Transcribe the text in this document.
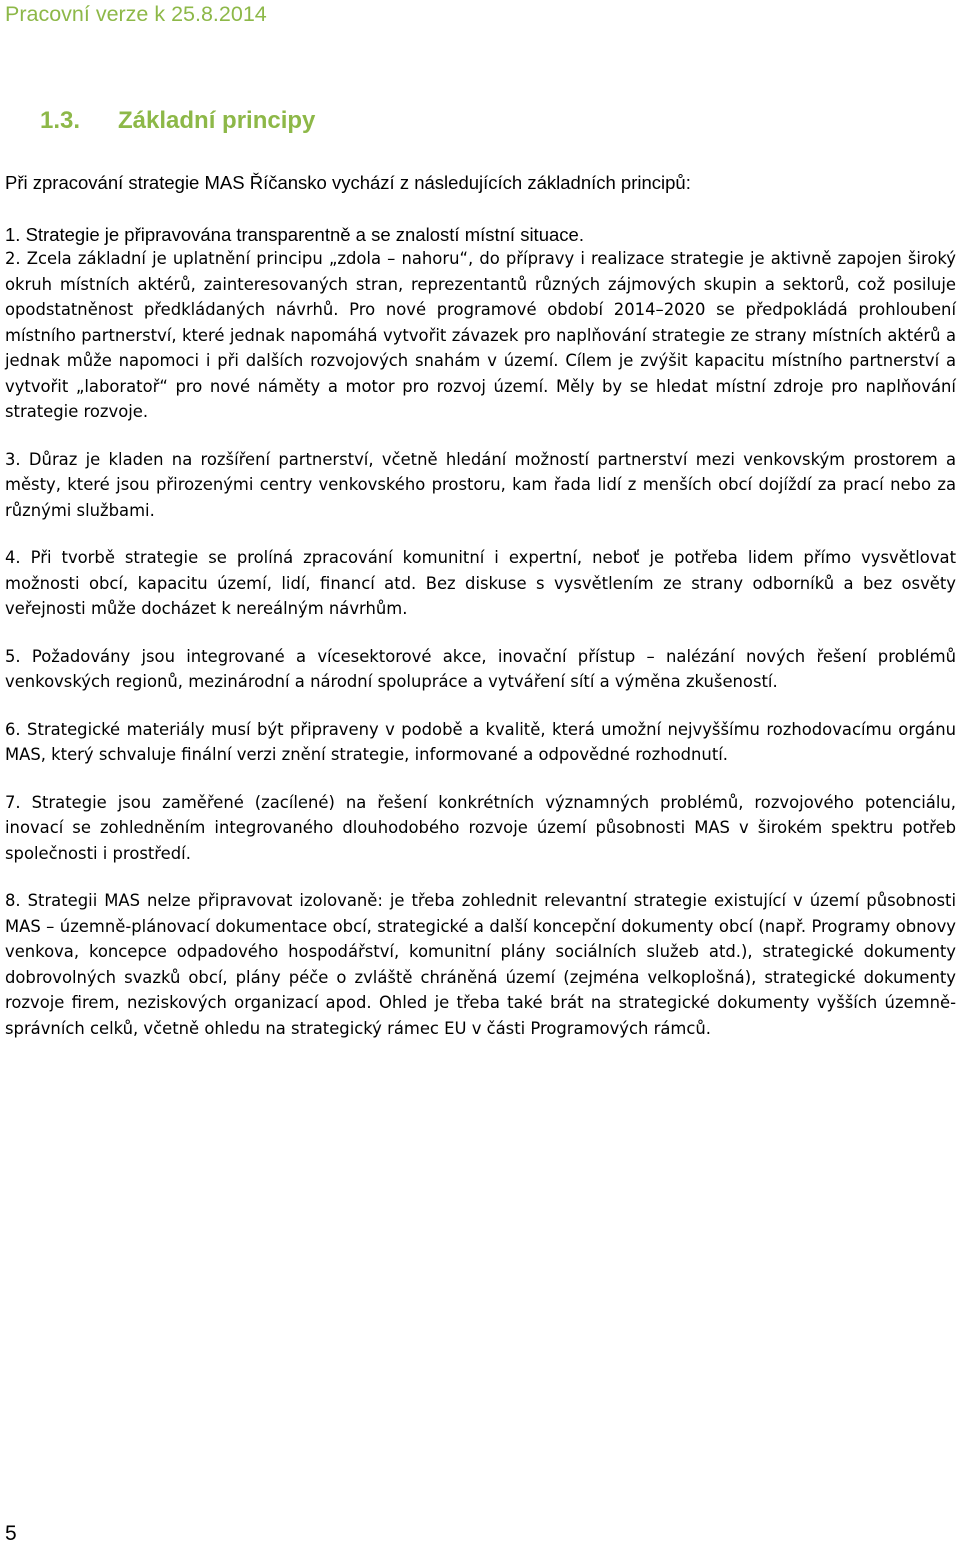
Pracovní verze k 25.8.2014
1.3. Základní principy
Při zpracování strategie MAS Říčansko vychází z následujících základních principů:
1. Strategie je připravována transparentně a se znalostí místní situace.

2. Zcela základní je uplatnění principu „zdola – nahoru“, do přípravy i realizace strategie je aktivně zapojen široký okruh místních aktérů, zainteresovaných stran, reprezentantů různých zájmových skupin a sektorů, což posiluje opodstatněnost předkládaných návrhů. Pro nové programové období 2014–2020 se předpokládá prohloubení místního partnerství, které jednak napomáhá vytvořit závazek pro naplňování strategie ze strany místních aktérů a jednak může napomoci i při dalších rozvojových snahám v území. Cílem je zvýšit kapacitu místního partnerství a vytvořit „laboratoř“ pro nové náměty a motor pro rozvoj území. Měly by se hledat místní zdroje pro naplňování strategie rozvoje.

3. Důraz je kladen na rozšíření partnerství, včetně hledání možností partnerství mezi venkovským prostorem a městy, které jsou přirozenými centry venkovského prostoru, kam řada lidí z menších obcí dojíždí za prací nebo za různými službami.

4. Při tvorbě strategie se prolíná zpracování komunitní i expertní, neboť je potřeba lidem přímo vysvětlovat možnosti obcí, kapacitu území, lidí, financí atd. Bez diskuse s vysvětlením ze strany odborníků a bez osvěty veřejnosti může docházet k nereálným návrhům.

5. Požadovány jsou integrované a vícesektorové akce, inovační přístup – nalézání nových řešení problémů venkovských regionů, mezinárodní a národní spolupráce a vytváření sítí a výměna zkušeností.

6. Strategické materiály musí být připraveny v podobě a kvalitě, která umožní nejvyššímu rozhodovacímu orgánu MAS, který schvaluje finální verzi znění strategie, informované a odpovědné rozhodnutí.

7. Strategie jsou zaměřené (zacílené) na řešení konkrétních významných problémů, rozvojového potenciálu, inovací se zohledněním integrovaného dlouhodobého rozvoje území působnosti MAS v širokém spektru potřeb společnosti i prostředí.

8. Strategii MAS nelze připravovat izolovaně: je třeba zohlednit relevantní strategie existující v území působnosti MAS – územně-plánovací dokumentace obcí, strategické a další koncepční dokumenty obcí (např. Programy obnovy venkova, koncepce odpadového hospodářství, komunitní plány sociálních služeb atd.), strategické dokumenty dobrovolných svazků obcí, plány péče o zvláště chráněná území (zejména velkoplošná), strategické dokumenty rozvoje firem, neziskových organizací apod. Ohled je třeba také brát na strategické dokumenty vyšších územně-správních celků, včetně ohledu na strategický rámec EU v části Programových rámců.

5
